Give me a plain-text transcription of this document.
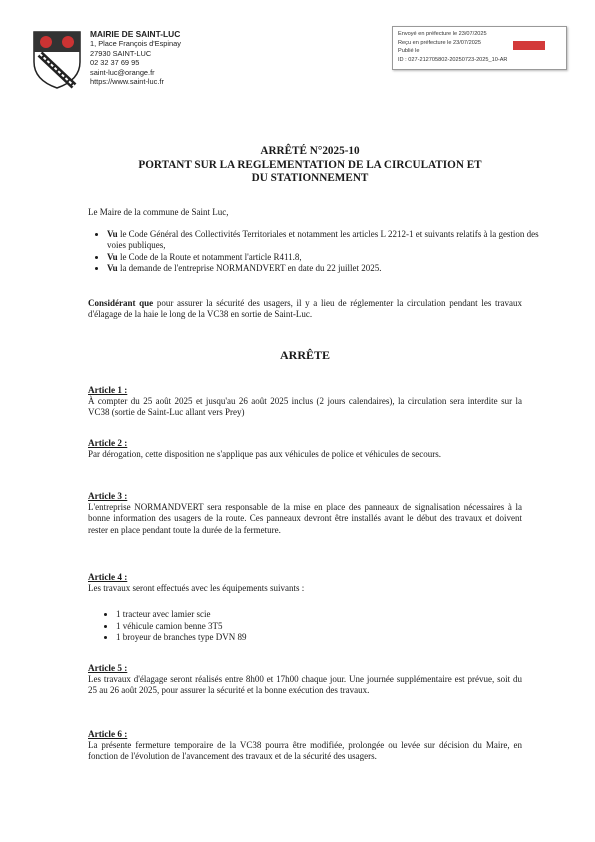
MAIRIE DE SAINT-LUC
1, Place François d'Espinay
27930 SAINT-LUC
02 32 37 69 95
saint-luc@orange.fr
https://www.saint-luc.fr
Envoyé en préfecture le 23/07/2025
Reçu en préfecture le 23/07/2025
Publié le
ID : 027-212705802-20250723-2025_10-AR
ARRÊTÉ N°2025-10
PORTANT SUR LA REGLEMENTATION DE LA CIRCULATION ET
DU STATIONNEMENT
Le Maire de la commune de Saint Luc,
• Vu le Code Général des Collectivités Territoriales et notamment les articles L 2212-1 et suivants relatifs à la gestion des voies publiques,
• Vu le Code de la Route et notamment l'article R411.8,
• Vu la demande de l'entreprise NORMANDVERT en date du 22 juillet 2025.
Considérant que pour assurer la sécurité des usagers, il y a lieu de réglementer la circulation pendant les travaux d'élagage de la haie le long de la VC38 en sortie de Saint-Luc.
ARRÊTE
Article 1 :
À compter du 25 août 2025 et jusqu'au 26 août 2025 inclus (2 jours calendaires), la circulation sera interdite sur la VC38 (sortie de Saint-Luc allant vers Prey)
Article 2 :
Par dérogation, cette disposition ne s'applique pas aux véhicules de police et véhicules de secours.
Article 3 :
L'entreprise NORMANDVERT sera responsable de la mise en place des panneaux de signalisation nécessaires à la bonne information des usagers de la route. Ces panneaux devront être installés avant le début des travaux et doivent rester en place pendant toute la durée de la fermeture.
Article 4 :
Les travaux seront effectués avec les équipements suivants :
• 1 tracteur avec lamier scie
• 1 véhicule camion benne 3T5
• 1 broyeur de branches type DVN 89
Article 5 :
Les travaux d'élagage seront réalisés entre 8h00 et 17h00 chaque jour. Une journée supplémentaire est prévue, soit du 25 au 26 août 2025, pour assurer la sécurité et la bonne exécution des travaux.
Article 6 :
La présente fermeture temporaire de la VC38 pourra être modifiée, prolongée ou levée sur décision du Maire, en fonction de l'évolution de l'avancement des travaux et de la sécurité des usagers.
